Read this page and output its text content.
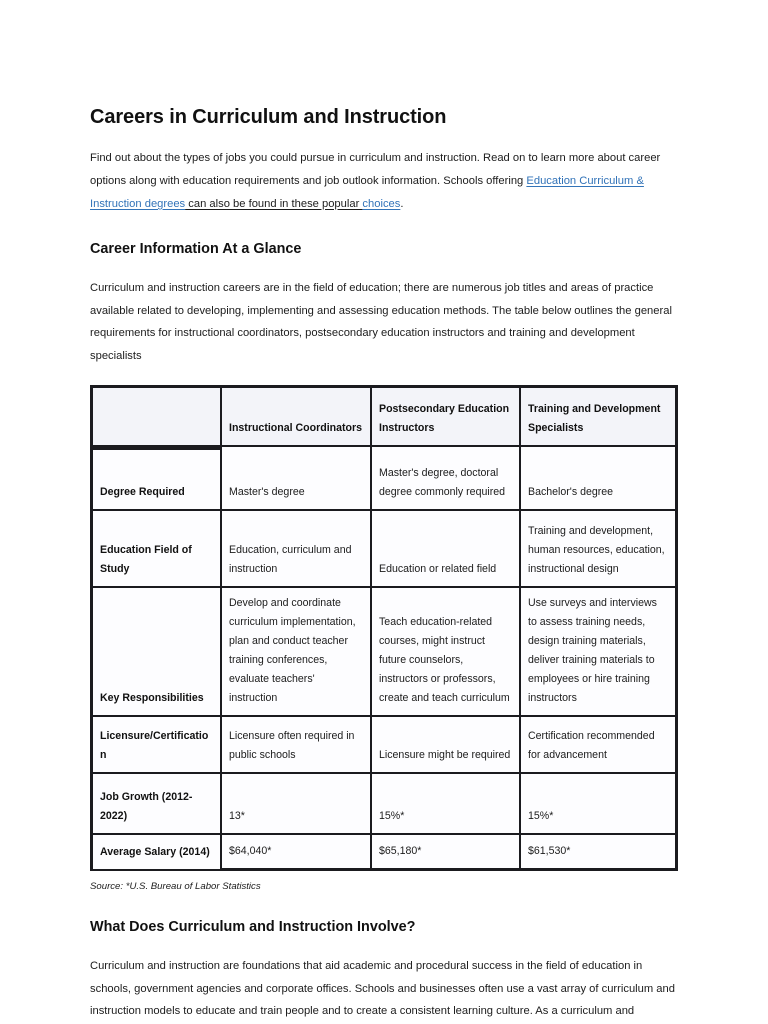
Careers in Curriculum and Instruction

Find out about the types of jobs you could pursue in curriculum and instruction. Read on to learn more about career options along with education requirements and job outlook information. Schools offering Education Curriculum & Instruction degrees can also be found in these popular choices.

Career Information At a Glance

Curriculum and instruction careers are in the field of education; there are numerous job titles and areas of practice available related to developing, implementing and assessing education methods. The table below outlines the general requirements for instructional coordinators, postsecondary education instructors and training and development specialists

	Instructional Coordinators	Postsecondary Education Instructors	Training and Development Specialists
Degree Required	Master's degree	Master's degree, doctoral degree commonly required	Bachelor's degree
Education Field of Study	Education, curriculum and instruction	Education or related field	Training and development, human resources, education, instructional design
Key Responsibilities	Develop and coordinate curriculum implementation, plan and conduct teacher training conferences, evaluate teachers' instruction	Teach education-related courses, might instruct future counselors, instructors or professors, create and teach curriculum	Use surveys and interviews to assess training needs, design training materials, deliver training materials to employees or hire training instructors
Licensure/Certification	Licensure often required in public schools	Licensure might be required	Certification recommended for advancement
Job Growth (2012-2022)	13*	15%*	15%*
Average Salary (2014)	$64,040*	$65,180*	$61,530*

Source: *U.S. Bureau of Labor Statistics

What Does Curriculum and Instruction Involve?

Curriculum and instruction are foundations that aid academic and procedural success in the field of education in schools, government agencies and corporate offices. Schools and businesses often use a vast array of curriculum and instruction models to educate and train people and to create a consistent learning culture. As a curriculum and
